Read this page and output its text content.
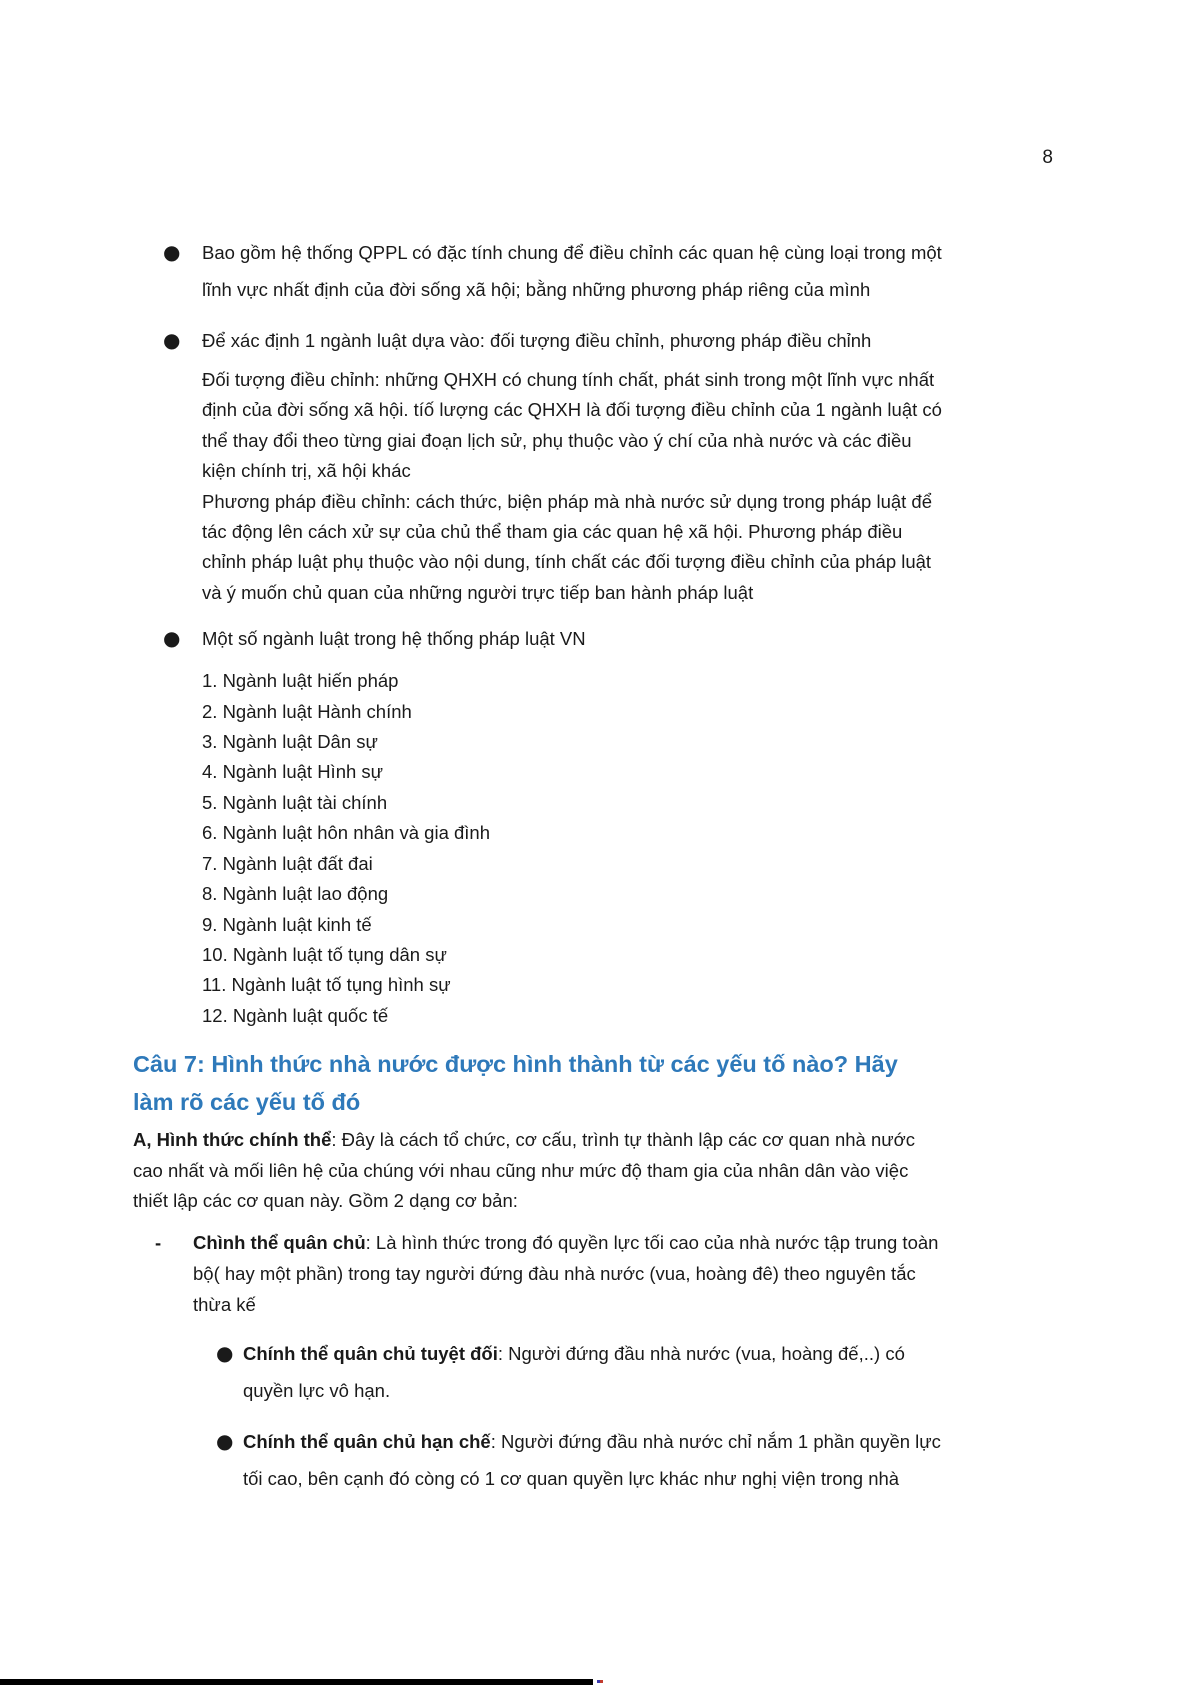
8
● Bao gồm hệ thống QPPL có đặc tính chung để điều chỉnh các quan hệ cùng loại trong một
lĩnh vực nhất định của đời sống xã hội; bằng những phương pháp riêng của mình
● Để xác định 1 ngành luật dựa vào: đối tượng điều chỉnh, phương pháp điều chỉnh
Đối tượng điều chỉnh: những QHXH có chung tính chất, phát sinh trong một lĩnh vực nhất
định của đời sống xã hội. tíố lượng các QHXH là đối tượng điều chỉnh của 1 ngành luật có
thể thay đổi theo từng giai đoạn lịch sử, phụ thuộc vào ý chí của nhà nước và các điều
kiện chính trị, xã hội khác
Phương pháp điều chỉnh: cách thức, biện pháp mà nhà nước sử dụng trong pháp luật để
tác động lên cách xử sự của chủ thể tham gia các quan hệ xã hội. Phương pháp điều
chỉnh pháp luật phụ thuộc vào nội dung, tính chất các đối tượng điều chỉnh của pháp luật
và ý muốn chủ quan của những người trực tiếp ban hành pháp luật
● Một số ngành luật trong hệ thống pháp luật VN
1. Ngành luật hiến pháp
2. Ngành luật Hành chính
3. Ngành luật Dân sự
4. Ngành luật Hình sự
5. Ngành luật tài chính
6. Ngành luật hôn nhân và gia đình
7. Ngành luật đất đai
8. Ngành luật lao động
9. Ngành luật kinh tế
10. Ngành luật tố tụng dân sự
11. Ngành luật tố tụng hình sự
12. Ngành luật quốc tế
Câu 7: Hình thức nhà nước được hình thành từ các yếu tố nào? Hãy
làm rõ các yếu tố đó
A, Hình thức chính thể: Đây là cách tổ chức, cơ cấu, trình tự thành lập các cơ quan nhà nước
cao nhất và mối liên hệ của chúng với nhau cũng như mức độ tham gia của nhân dân vào việc
thiết lập các cơ quan này. Gồm 2 dạng cơ bản:
- Chình thể quân chủ: Là hình thức trong đó quyền lực tối cao của nhà nước tập trung toàn
bộ( hay một phần) trong tay người đứng đàu nhà nước (vua, hoàng đê) theo nguyên tắc
thừa kế
● Chính thể quân chủ tuyệt đối: Người đứng đầu nhà nước (vua, hoàng đế,..) có
quyền lực vô hạn.
● Chính thể quân chủ hạn chế: Người đứng đầu nhà nước chỉ nắm 1 phần quyền lực
tối cao, bên cạnh đó còng có 1 cơ quan quyền lực khác như nghị viện trong nhà
